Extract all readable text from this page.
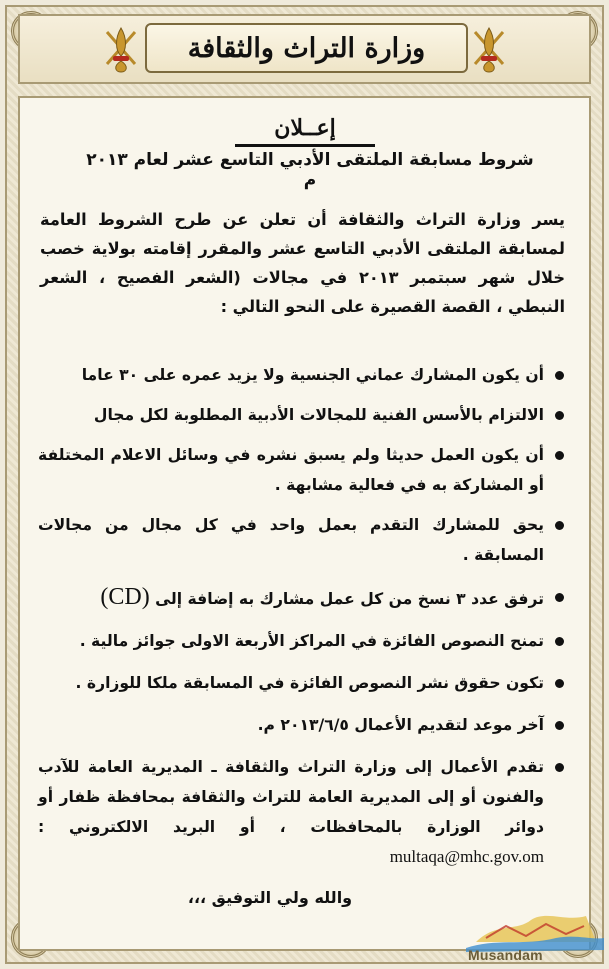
وزارة التراث والثقافة
إعــلان
شروط مسابقة الملتقى الأدبي التاسع عشر لعام ٢٠١٣ م
يسر وزارة التراث والثقافة أن تعلن عن طرح الشروط العامة لمسابقة الملتقى الأدبي التاسع عشر والمقرر إقامته بولاية خصب خلال شهر سبتمبر ٢٠١٣ في مجالات (الشعر الفصيح ، الشعر النبطي ، القصة القصيرة على النحو التالي :
أن يكون المشارك عماني الجنسية ولا يزيد عمره على ٣٠ عاما
الالتزام بالأسس الفنية للمجالات الأدبية المطلوبة لكل مجال
أن يكون العمل حديثا ولم يسبق نشره في وسائل الاعلام المختلفة أو المشاركة به في فعالية مشابهة .
يحق للمشارك التقدم بعمل واحد في كل مجال من مجالات المسابقة .
ترفق عدد ٣ نسخ من كل عمل مشارك به إضافة إلى (CD)
تمنح النصوص الفائزة في المراكز الأربعة الاولى جوائز مالية .
تكون حقوق نشر النصوص الفائزة في المسابقة ملكا للوزارة .
آخر موعد لتقديم الأعمال ٢٠١٣/٦/٥ م.
تقدم الأعمال إلى وزارة التراث والثقافة ـ المديرية العامة للآدب والفنون أو إلى المديرية العامة للتراث والثقافة بمحافظة ظفار أو دوائر الوزارة بالمحافظات ، أو البريد الالكتروني : multaqa@mhc.gov.om
والله ولي التوفيق ،،،
Musandam
